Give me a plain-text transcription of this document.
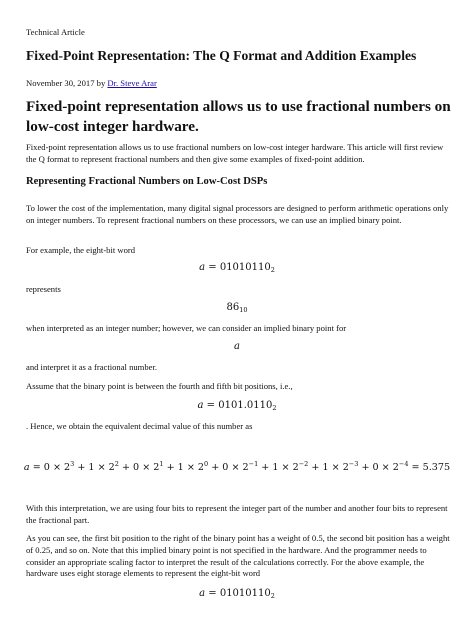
Technical Article
Fixed-Point Representation: The Q Format and Addition Examples
November 30, 2017 by Dr. Steve Arar
Fixed-point representation allows us to use fractional numbers on low-cost integer hardware.

Fixed-point representation allows us to use fractional numbers on low-cost integer hardware. This article will first review the Q format to represent fractional numbers and then give some examples of fixed-point addition.

Representing Fractional Numbers on Low-Cost DSPs

To lower the cost of the implementation, many digital signal processors are designed to perform arithmetic operations only on integer numbers. To represent fractional numbers on these processors, we can use an implied binary point.

For example, the eight-bit word

$a = 01010110_2$

represents

$86_{10}$

when interpreted as an integer number; however, we can consider an implied binary point for

a

and interpret it as a fractional number.

Assume that the binary point is between the fourth and fifth bit positions, i.e.,

$a = 0101.0110_2$

. Hence, we obtain the equivalent decimal value of this number as

$a = 0 \times 2^3 + 1 \times 2^2 + 0 \times 2^1 + 1 \times 2^0 + 0 \times 2^{-1} + 1 \times 2^{-2} + 1 \times 2^{-3} + 0 \times 2^{-4} = 5.375$

With this interpretation, we are using four bits to represent the integer part of the number and another four bits to represent the fractional part.

As you can see, the first bit position to the right of the binary point has a weight of 0.5, the second bit position has a weight of 0.25, and so on. Note that this implied binary point is not specified in the hardware. And the programmer needs to consider an appropriate scaling factor to interpret the result of the calculations correctly. For the above example, the hardware uses eight storage elements to represent the eight-bit word

$a = 01010110_2$
